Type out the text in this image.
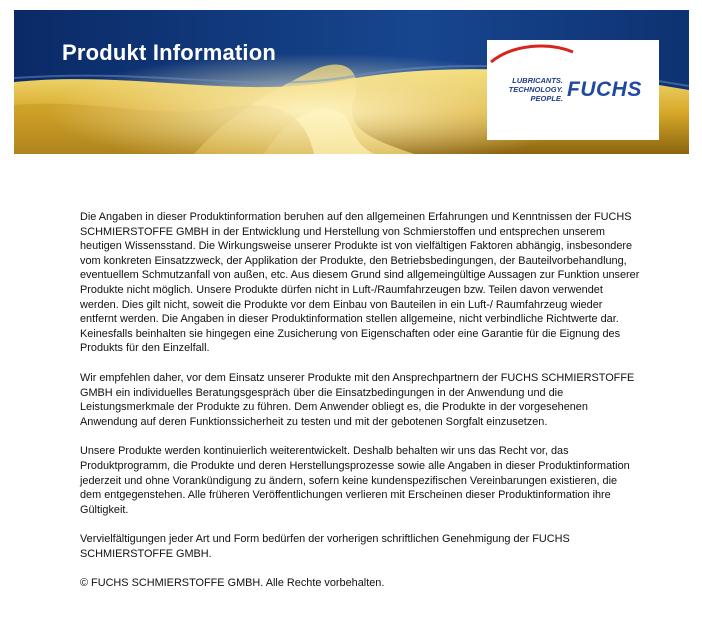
Produkt Information
LUBRICANTS.
TECHNOLOGY.
PEOPLE. FUCHS

Die Angaben in dieser Produktinformation beruhen auf den allgemeinen Erfahrungen und Kenntnissen der FUCHS SCHMIERSTOFFE GMBH in der Entwicklung und Herstellung von Schmierstoffen und entsprechen unserem heutigen Wissensstand. Die Wirkungsweise unserer Produkte ist von vielfältigen Faktoren abhängig, insbesondere vom konkreten Einsatzzweck, der Applikation der Produkte, den Betriebsbedingungen, der Bauteilvorbehandlung, eventuellem Schmutzanfall von außen, etc. Aus diesem Grund sind allgemeingültige Aussagen zur Funktion unserer Produkte nicht möglich. Unsere Produkte dürfen nicht in Luft-/Raumfahrzeugen bzw. Teilen davon verwendet werden. Dies gilt nicht, soweit die Produkte vor dem Einbau von Bauteilen in ein Luft-/ Raumfahrzeug wieder entfernt werden. Die Angaben in dieser Produktinformation stellen allgemeine, nicht verbindliche Richtwerte dar. Keinesfalls beinhalten sie hingegen eine Zusicherung von Eigenschaften oder eine Garantie für die Eignung des Produkts für den Einzelfall.

Wir empfehlen daher, vor dem Einsatz unserer Produkte mit den Ansprechpartnern der FUCHS SCHMIERSTOFFE GMBH ein individuelles Beratungsgespräch über die Einsatzbedingungen in der Anwendung und die Leistungsmerkmale der Produkte zu führen. Dem Anwender obliegt es, die Produkte in der vorgesehenen Anwendung auf deren Funktionssicherheit zu testen und mit der gebotenen Sorgfalt einzusetzen.

Unsere Produkte werden kontinuierlich weiterentwickelt. Deshalb behalten wir uns das Recht vor, das Produktprogramm, die Produkte und deren Herstellungsprozesse sowie alle Angaben in dieser Produktinformation jederzeit und ohne Vorankündigung zu ändern, sofern keine kundenspezifischen Vereinbarungen existieren, die dem entgegenstehen. Alle früheren Veröffentlichungen verlieren mit Erscheinen dieser Produktinformation ihre Gültigkeit.

Vervielfältigungen jeder Art und Form bedürfen der vorherigen schriftlichen Genehmigung der FUCHS SCHMIERSTOFFE GMBH.

© FUCHS SCHMIERSTOFFE GMBH. Alle Rechte vorbehalten.
